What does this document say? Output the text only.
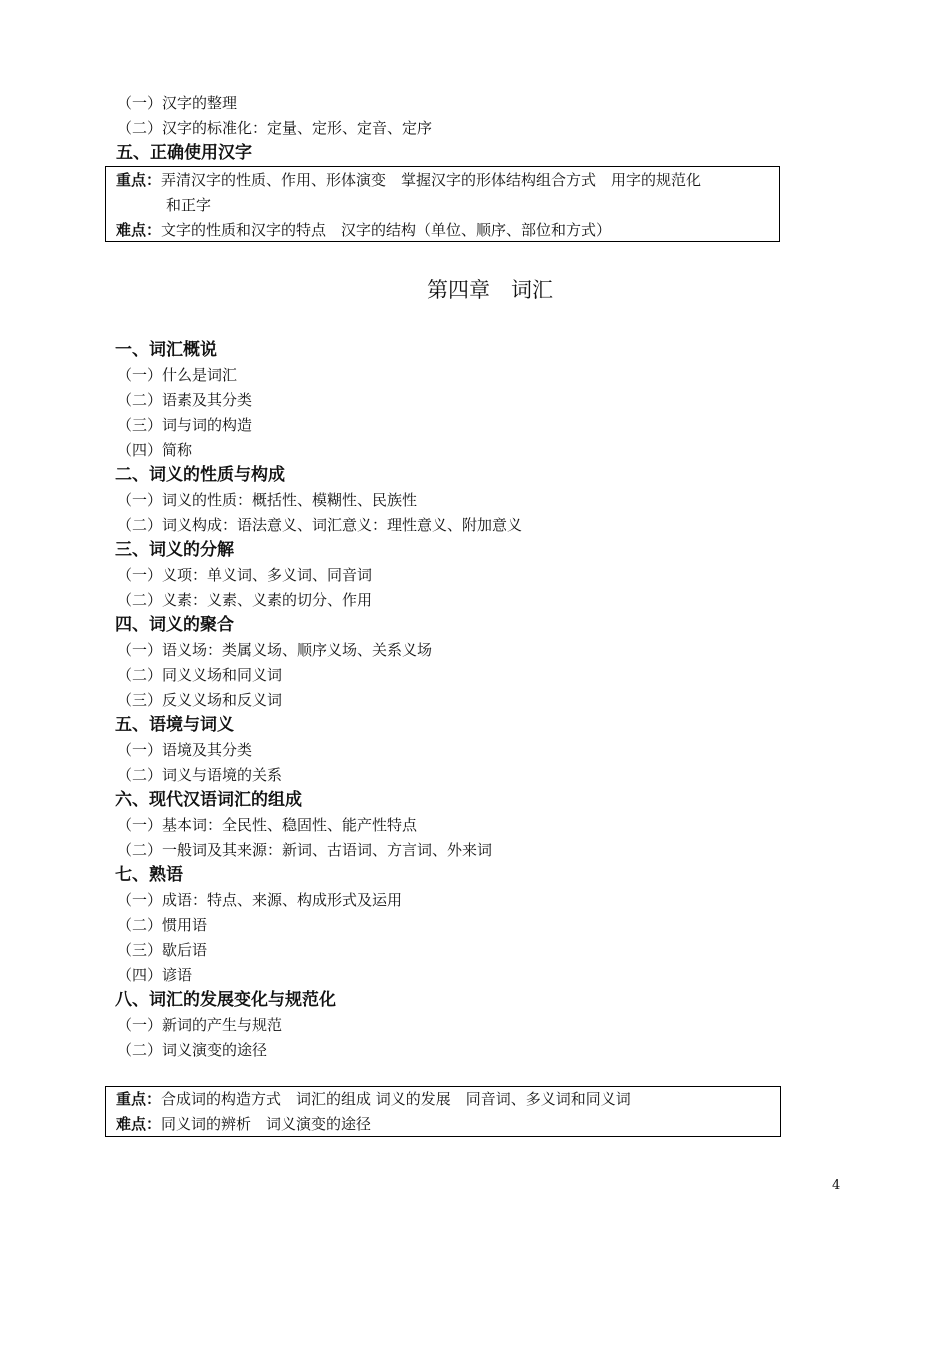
（一）汉字的整理
（二）汉字的标准化：定量、定形、定音、定序
五、正确使用汉字
重点：弄清汉字的性质、作用、形体演变　掌握汉字的形体结构组合方式　用字的规范化
和正字
难点：文字的性质和汉字的特点　汉字的结构（单位、顺序、部位和方式）
第四章　词汇
一、词汇概说
（一）什么是词汇
（二）语素及其分类
（三）词与词的构造
（四）简称
二、词义的性质与构成
（一）词义的性质：概括性、模糊性、民族性
（二）词义构成：语法意义、词汇意义：理性意义、附加意义
三、词义的分解
（一）义项：单义词、多义词、同音词
（二）义素：义素、义素的切分、作用
四、词义的聚合
（一）语义场：类属义场、顺序义场、关系义场
（二）同义义场和同义词
（三）反义义场和反义词
五、语境与词义
（一）语境及其分类
（二）词义与语境的关系
六、现代汉语词汇的组成
（一）基本词：全民性、稳固性、能产性特点
（二）一般词及其来源：新词、古语词、方言词、外来词
七、熟语
（一）成语：特点、来源、构成形式及运用
（二）惯用语
（三）歇后语
（四）谚语
八、词汇的发展变化与规范化
（一）新词的产生与规范
（二）词义演变的途径
重点：合成词的构造方式　词汇的组成 词义的发展　同音词、多义词和同义词
难点：同义词的辨析　词义演变的途径
4
